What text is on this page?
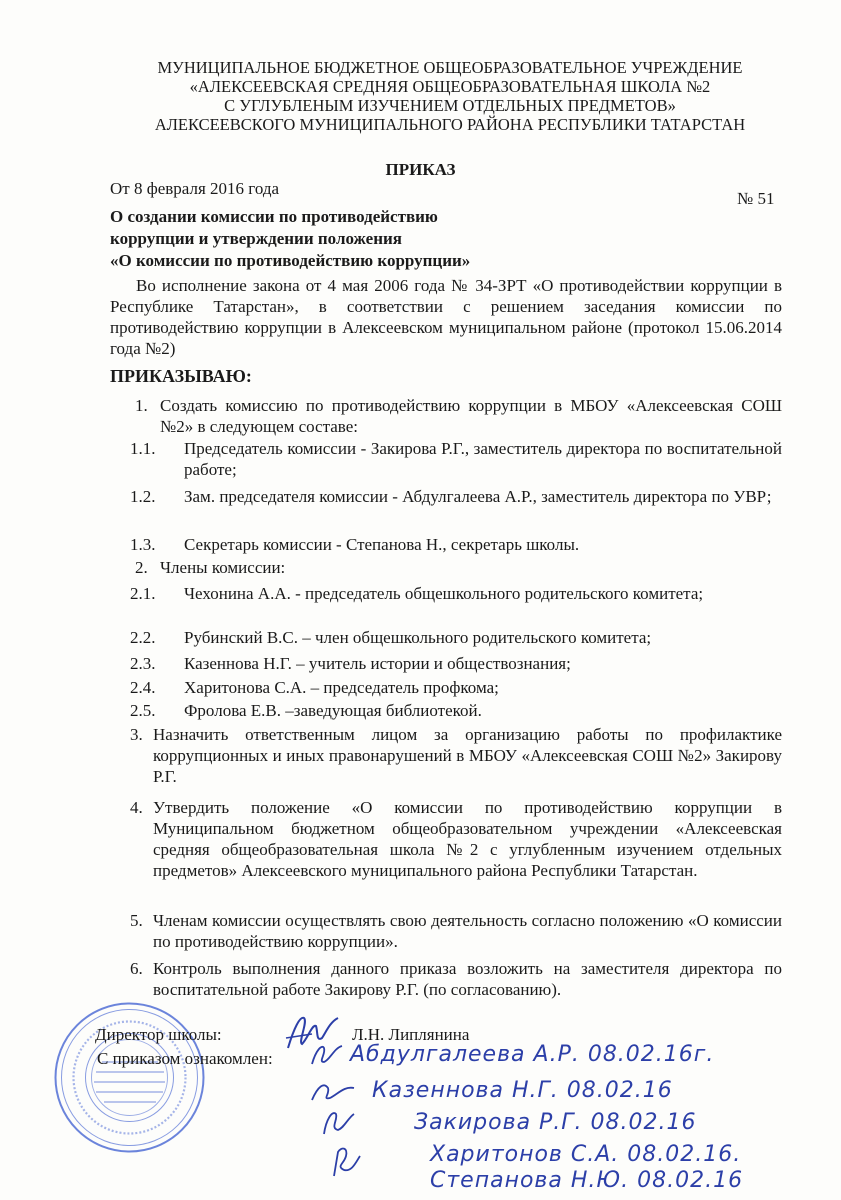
МУНИЦИПАЛЬНОЕ БЮДЖЕТНОЕ ОБЩЕОБРАЗОВАТЕЛЬНОЕ УЧРЕЖДЕНИЕ
«АЛЕКСЕЕВСКАЯ СРЕДНЯЯ ОБЩЕОБРАЗОВАТЕЛЬНАЯ ШКОЛА №2
С УГЛУБЛЕНЫМ ИЗУЧЕНИЕМ ОТДЕЛЬНЫХ ПРЕДМЕТОВ»
АЛЕКСЕЕВСКОГО МУНИЦИПАЛЬНОГО РАЙОНА РЕСПУБЛИКИ ТАТАРСТАН
ПРИКАЗ
От 8 февраля 2016 года
№ 51
О создании комиссии по противодействию
коррупции и утверждении положения
«О комиссии по противодействию коррупции»
Во исполнение закона от 4 мая 2006 года № 34-ЗРТ «О противодействии коррупции в Республике Татарстан», в соответствии с решением заседания комиссии по противодействию коррупции в Алексеевском муниципальном районе (протокол 15.06.2014 года №2)
ПРИКАЗЫВАЮ:
1. Создать комиссию по противодействию коррупции в МБОУ «Алексеевская СОШ №2» в следующем составе:
1.1. Председатель комиссии - Закирова Р.Г., заместитель директора по воспитательной работе;
1.2. Зам. председателя комиссии - Абдулгалеева А.Р., заместитель директора по УВР;
1.3. Секретарь комиссии - Степанова Н., секретарь школы.
2. Члены комиссии:
2.1. Чехонина А.А. - председатель общешкольного родительского комитета;
2.2. Рубинский В.С. – член общешкольного родительского комитета;
2.3. Казеннова Н.Г. – учитель истории и обществознания;
2.4. Харитонова С.А. – председатель профкома;
2.5. Фролова Е.В. –заведующая библиотекой.
3. Назначить ответственным лицом за организацию работы по профилактике коррупционных и иных правонарушений в МБОУ «Алексеевская СОШ №2» Закирову Р.Г.
4. Утвердить положение «О комиссии по противодействию коррупции в Муниципальном бюджетном общеобразовательном учреждении «Алексеевская средняя общеобразовательная школа №2 с углубленным изучением отдельных предметов» Алексеевского муниципального района Республики Татарстан.
5. Членам комиссии осуществлять свою деятельность согласно положению «О комиссии по противодействию коррупции».
6. Контроль выполнения данного приказа возложить на заместителя директора по воспитательной работе Закирову Р.Г. (по согласованию).
Директор школы:	Л.Н. Липлянина
С приказом ознакомлен:	Абдулгалеева А.Р. 08.02.16г.
Казеннова Н.Г. 08.02.16
Закирова Р.Г. 08.02.16
Харитонов С.А. 08.02.16.
Степанова Н.Ю. 08.02.16
